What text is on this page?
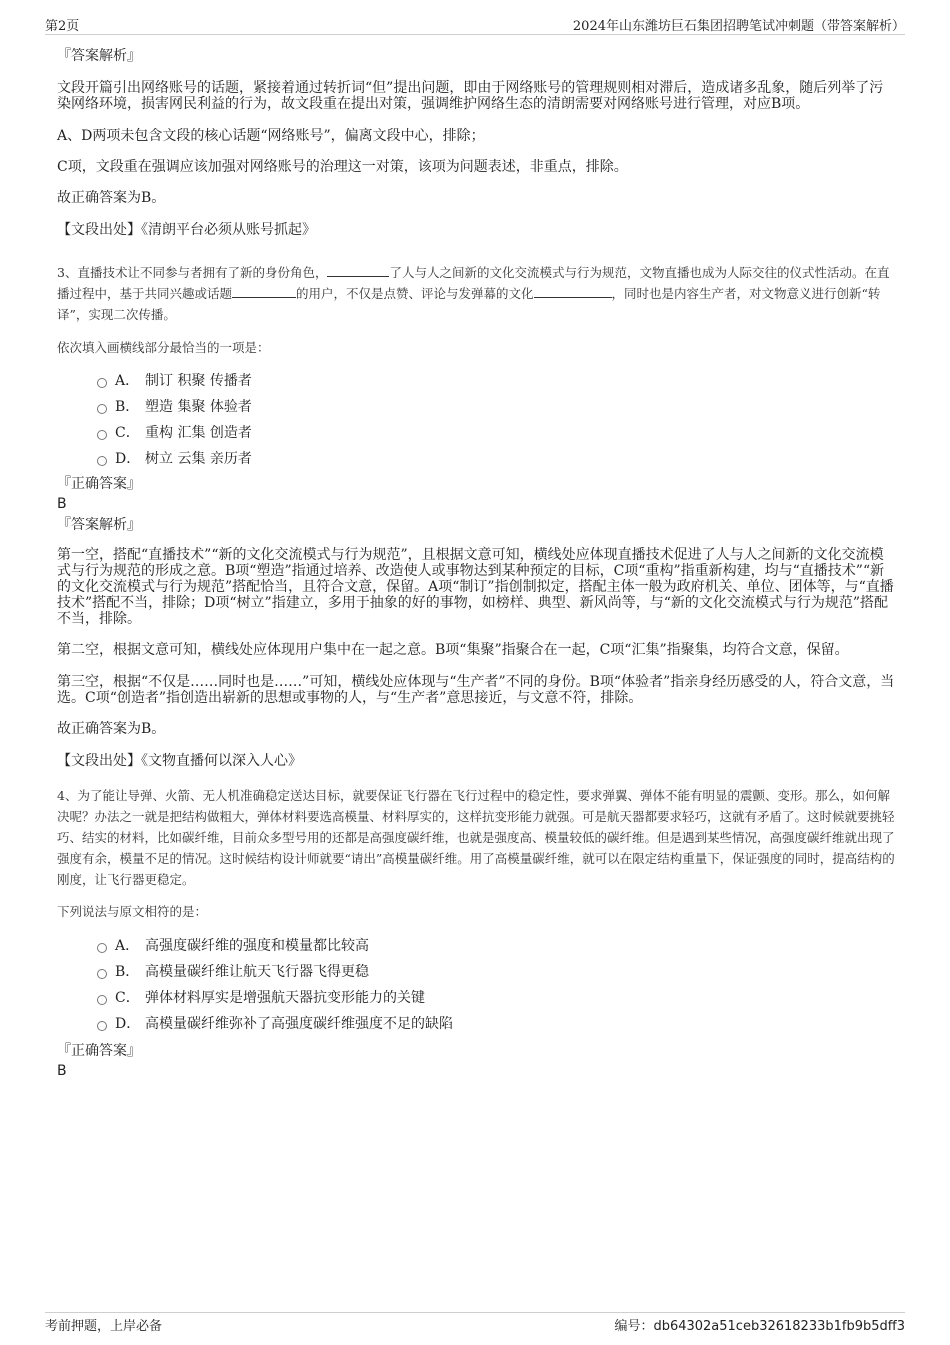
第2页	2024年山东潍坊巨石集团招聘笔试冲刺题（带答案解析）
『答案解析』

文段开篇引出网络账号的话题，紧接着通过转折词“但”提出问题，即由于网络账号的管理规则相对滞后，造成诸多乱象，随后列举了污染网络环境，损害网民利益的行为，故文段重在提出对策，强调维护网络生态的清朗需要对网络账号进行管理，对应B项。

A、D两项未包含文段的核心话题“网络账号”，偏离文段中心，排除；

C项，文段重在强调应该加强对网络账号的治理这一对策，该项为问题表述，非重点，排除。

故正确答案为B。

【文段出处】《清朗平台必须从账号抓起》

3、直播技术让不同参与者拥有了新的身份角色，	了人与人之间新的文化交流模式与行为规范，文物直播也成为人际交往的仪式性活动。在直播过程中，基于共同兴趣或话题	的用户，不仅是点赞、评论与发弹幕的文化	，同时也是内容生产者，对文物意义进行创新“转译”，实现二次传播。

依次填入画横线部分最恰当的一项是：

A． 制订 积聚 传播者
B． 塑造 集聚 体验者
C． 重构 汇集 创造者
D． 树立 云集 亲历者
『正确答案』
B
『答案解析』

第一空，搭配“直播技术”“新的文化交流模式与行为规范”，且根据文意可知，横线处应体现直播技术促进了人与人之间新的文化交流模式与行为规范的形成之意。B项“塑造”指通过培养、改造使人或事物达到某种预定的目标，C项“重构”指重新构建，均与“直播技术”“新的文化交流模式与行为规范”搭配恰当，且符合文意，保留。A项“制订”指创制拟定，搭配主体一般为政府机关、单位、团体等，与“直播技术”搭配不当，排除；D项“树立”指建立，多用于抽象的好的事物，如榜样、典型、新风尚等，与“新的文化交流模式与行为规范”搭配不当，排除。

第二空，根据文意可知，横线处应体现用户集中在一起之意。B项“集聚”指聚合在一起，C项“汇集”指聚集，均符合文意，保留。

第三空，根据“不仅是……同时也是……”可知，横线处应体现与“生产者”不同的身份。B项“体验者”指亲身经历感受的人，符合文意，当选。C项“创造者”指创造出崭新的思想或事物的人，与“生产者”意思接近，与文意不符，排除。

故正确答案为B。

【文段出处】《文物直播何以深入人心》

4、为了能让导弹、火箭、无人机准确稳定送达目标，就要保证飞行器在飞行过程中的稳定性，要求弹翼、弹体不能有明显的震颤、变形。那么，如何解决呢？办法之一就是把结构做粗大，弹体材料要选高模量、材料厚实的，这样抗变形能力就强。可是航天器都要求轻巧，这就有矛盾了。这时候就要挑轻巧、结实的材料，比如碳纤维，目前众多型号用的还都是高强度碳纤维，也就是强度高、模量较低的碳纤维。但是遇到某些情况，高强度碳纤维就出现了强度有余，模量不足的情况。这时候结构设计师就要“请出”高模量碳纤维。用了高模量碳纤维，就可以在限定结构重量下，保证强度的同时，提高结构的刚度，让飞行器更稳定。

下列说法与原文相符的是：

A． 高强度碳纤维的强度和模量都比较高
B． 高模量碳纤维让航天飞行器飞得更稳
C． 弹体材料厚实是增强航天器抗变形能力的关键
D． 高模量碳纤维弥补了高强度碳纤维强度不足的缺陷
『正确答案』
B
考前押题，上岸必备	编号：db64302a51ceb32618233b1fb9b5dff3
